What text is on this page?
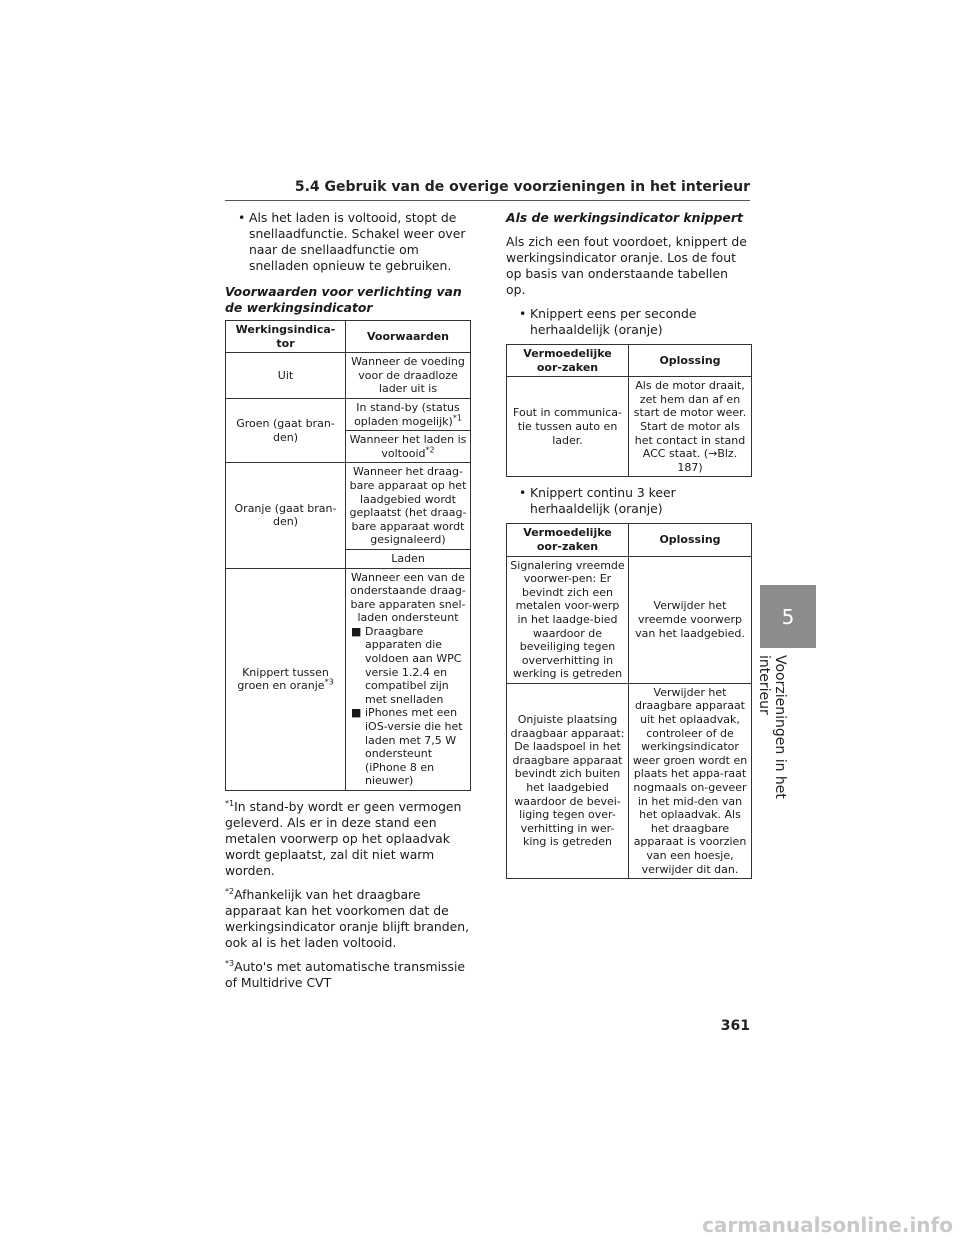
5.4 Gebruik van de overige voorzieningen in het interieur
• Als het laden is voltooid, stopt de snellaadfunctie. Schakel weer over naar de snellaadfunctie om snelladen opnieuw te gebruiken.
Voorwaarden voor verlichting van de werkingsindicator
Werkingsindica-tor	Voorwaarden
Uit	Wanneer de voeding voor de draadloze lader uit is
Groen (gaat bran-den)	In stand-by (status opladen mogelijk)$^{*1}$
	Wanneer het laden is voltooid$^{*2}$
Oranje (gaat bran-den)	Wanneer het draag-bare apparaat op het laadgebied wordt geplaatst (het draag-bare apparaat wordt gesignaleerd)
	Laden
Knippert tussen groen en oranje$^{*3}$	Wanneer een van de onderstaande draag-bare apparaten snel-laden ondersteunt
■ Draagbare apparaten die voldoen aan WPC versie 1.2.4 en compatibel zijn met snelladen
■ iPhones met een iOS-versie die het laden met 7,5 W ondersteunt (iPhone 8 en nieuwer)
$^{*1}$In stand-by wordt er geen vermogen geleverd. Als er in deze stand een metalen voorwerp op het oplaadvak wordt geplaatst, zal dit niet warm worden.
$^{*2}$Afhankelijk van het draagbare apparaat kan het voorkomen dat de werkingsindicator oranje blijft branden, ook al is het laden voltooid.
$^{*3}$Auto's met automatische transmissie of Multidrive CVT
Als de werkingsindicator knippert
Als zich een fout voordoet, knippert de werkingsindicator oranje. Los de fout op basis van onderstaande tabellen op.
• Knippert eens per seconde herhaaldelijk (oranje)
Vermoedelijke oor-zaken	Oplossing
Fout in communica-tie tussen auto en lader.	Als de motor draait, zet hem dan af en start de motor weer. Start de motor als het contact in stand ACC staat. (→Blz. 187)
• Knippert continu 3 keer herhaaldelijk (oranje)
Vermoedelijke oor-zaken	Oplossing
Signalering vreemde voorwer-pen: Er bevindt zich een metalen voor-werp in het laadge-bied waardoor de beveiliging tegen oververhitting in werking is getreden	Verwijder het vreemde voorwerp van het laadgebied.
Onjuiste plaatsing draagbaar apparaat: De laadspoel in het draagbare apparaat bevindt zich buiten het laadgebied waardoor de bevei-liging tegen over-verhitting in wer-king is getreden	Verwijder het draagbare apparaat uit het oplaadvak, controleer of de werkingsindicator weer groen wordt en plaats het appa-raat nogmaals on-geveer in het mid-den van het oplaadvak. Als het draagbare apparaat is voorzien van een hoesje, verwijder dit dan.
5
Voorzieningen in het interieur
361
carmanualsonline.info
